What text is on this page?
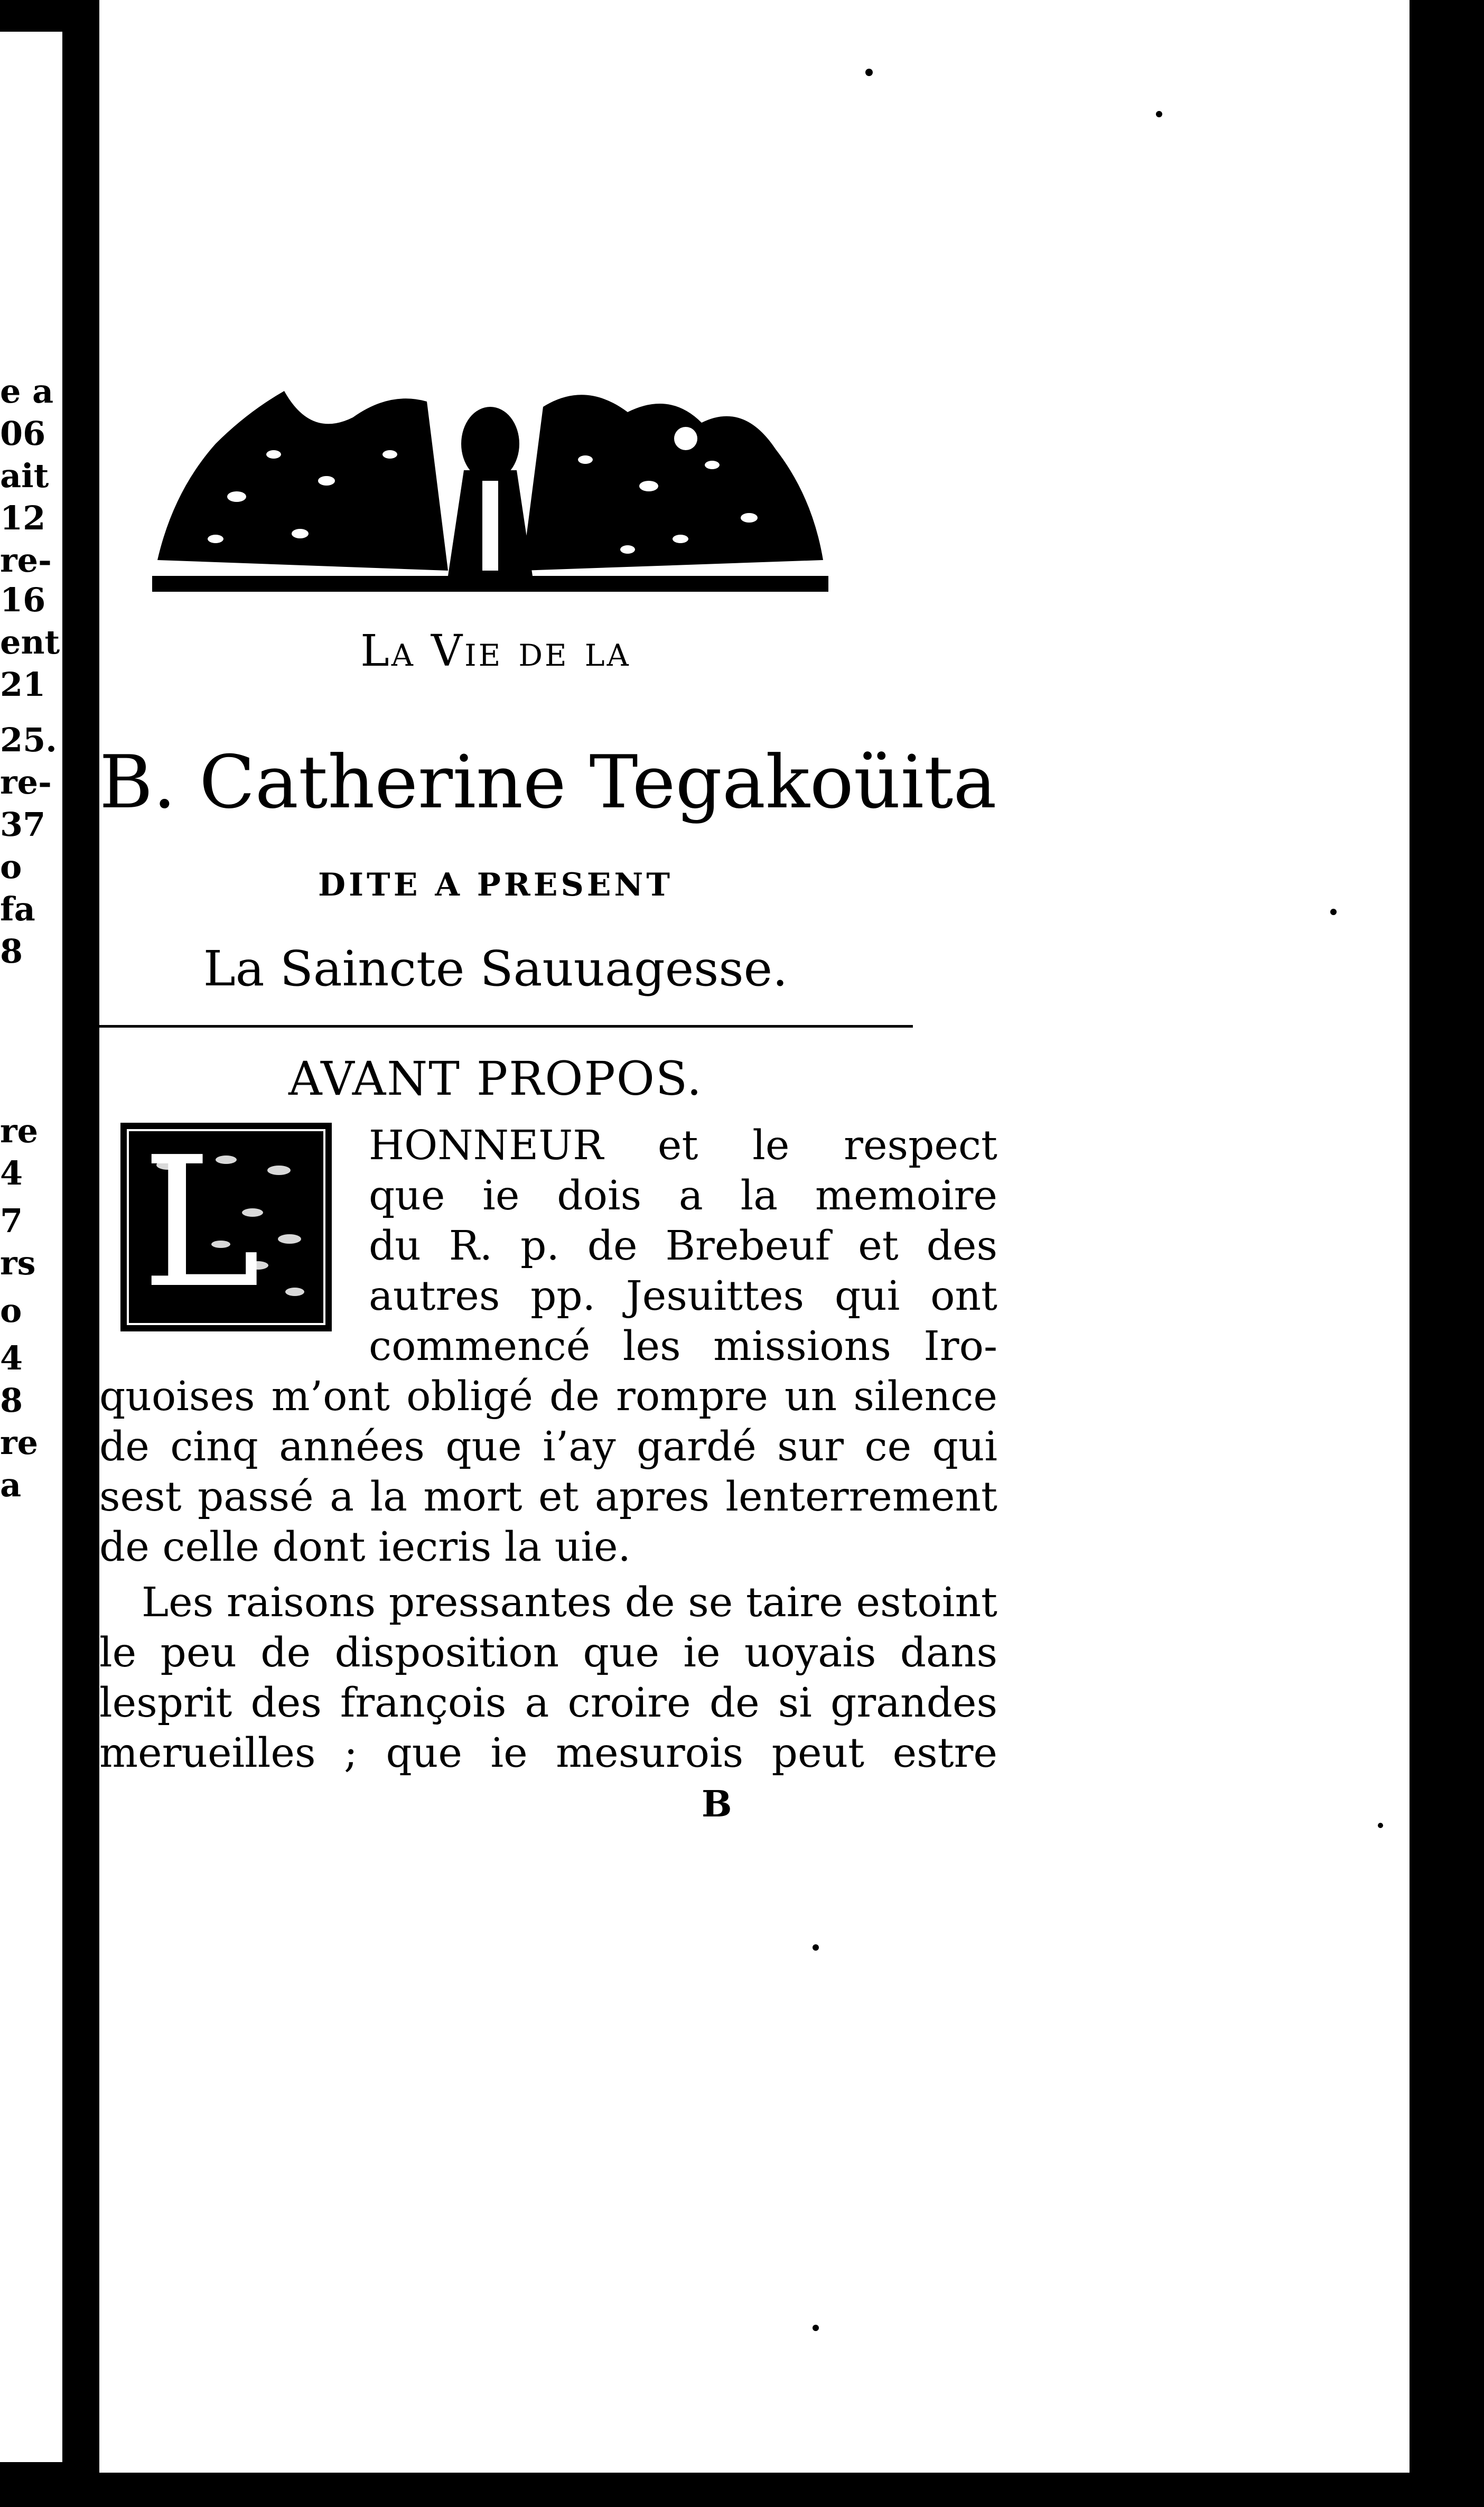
e a
06
ait
12
re-
16
ent
21
25.
re-
37
o
fa
8
re
4
7
rs
o
4
8
re
a
La Vie de la
B. Catherine Tegakoüita
DITE A PRESENT
La Saincte Sauuagesse.
AVANT PROPOS.
L	HONNEUR et le respect
que ie dois a la memoire
du R. p. de Brebeuf et des
autres pp. Jesuittes qui ont
commencé les missions Iro-
quoises m’ont obligé de rompre un silence
de cinq années que i’ay gardé sur ce qui
sest passé a la mort et apres lenterrement
de celle dont iecris la uie.
Les raisons pressantes de se taire estoint
le peu de disposition que ie uoyais dans
lesprit des françois a croire de si grandes
merueilles ; que ie mesurois peut estre
B
